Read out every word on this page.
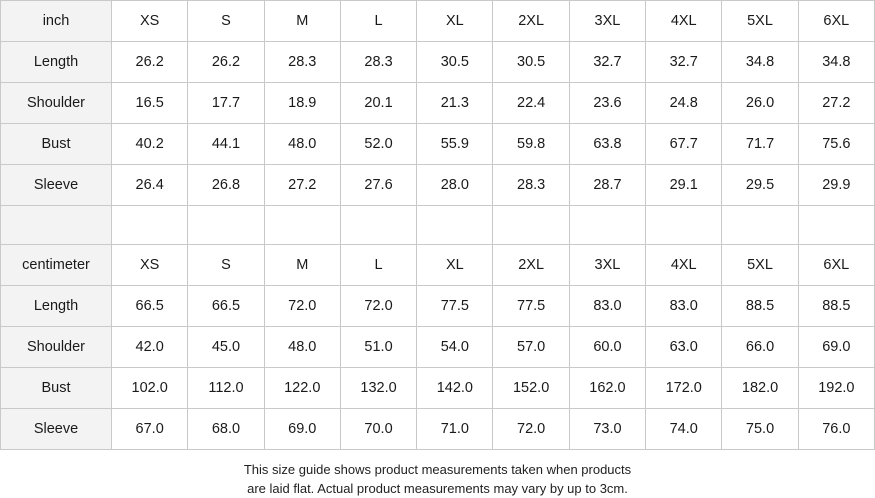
inch	XS	S	M	L	XL	2XL	3XL	4XL	5XL	6XL
Length	26.2	26.2	28.3	28.3	30.5	30.5	32.7	32.7	34.8	34.8
Shoulder	16.5	17.7	18.9	20.1	21.3	22.4	23.6	24.8	26.0	27.2
Bust	40.2	44.1	48.0	52.0	55.9	59.8	63.8	67.7	71.7	75.6
Sleeve	26.4	26.8	27.2	27.6	28.0	28.3	28.7	29.1	29.5	29.9

centimeter	XS	S	M	L	XL	2XL	3XL	4XL	5XL	6XL
Length	66.5	66.5	72.0	72.0	77.5	77.5	83.0	83.0	88.5	88.5
Shoulder	42.0	45.0	48.0	51.0	54.0	57.0	60.0	63.0	66.0	69.0
Bust	102.0	112.0	122.0	132.0	142.0	152.0	162.0	172.0	182.0	192.0
Sleeve	67.0	68.0	69.0	70.0	71.0	72.0	73.0	74.0	75.0	76.0
This size guide shows product measurements taken when products
are laid flat. Actual product measurements may vary by up to 3cm.
